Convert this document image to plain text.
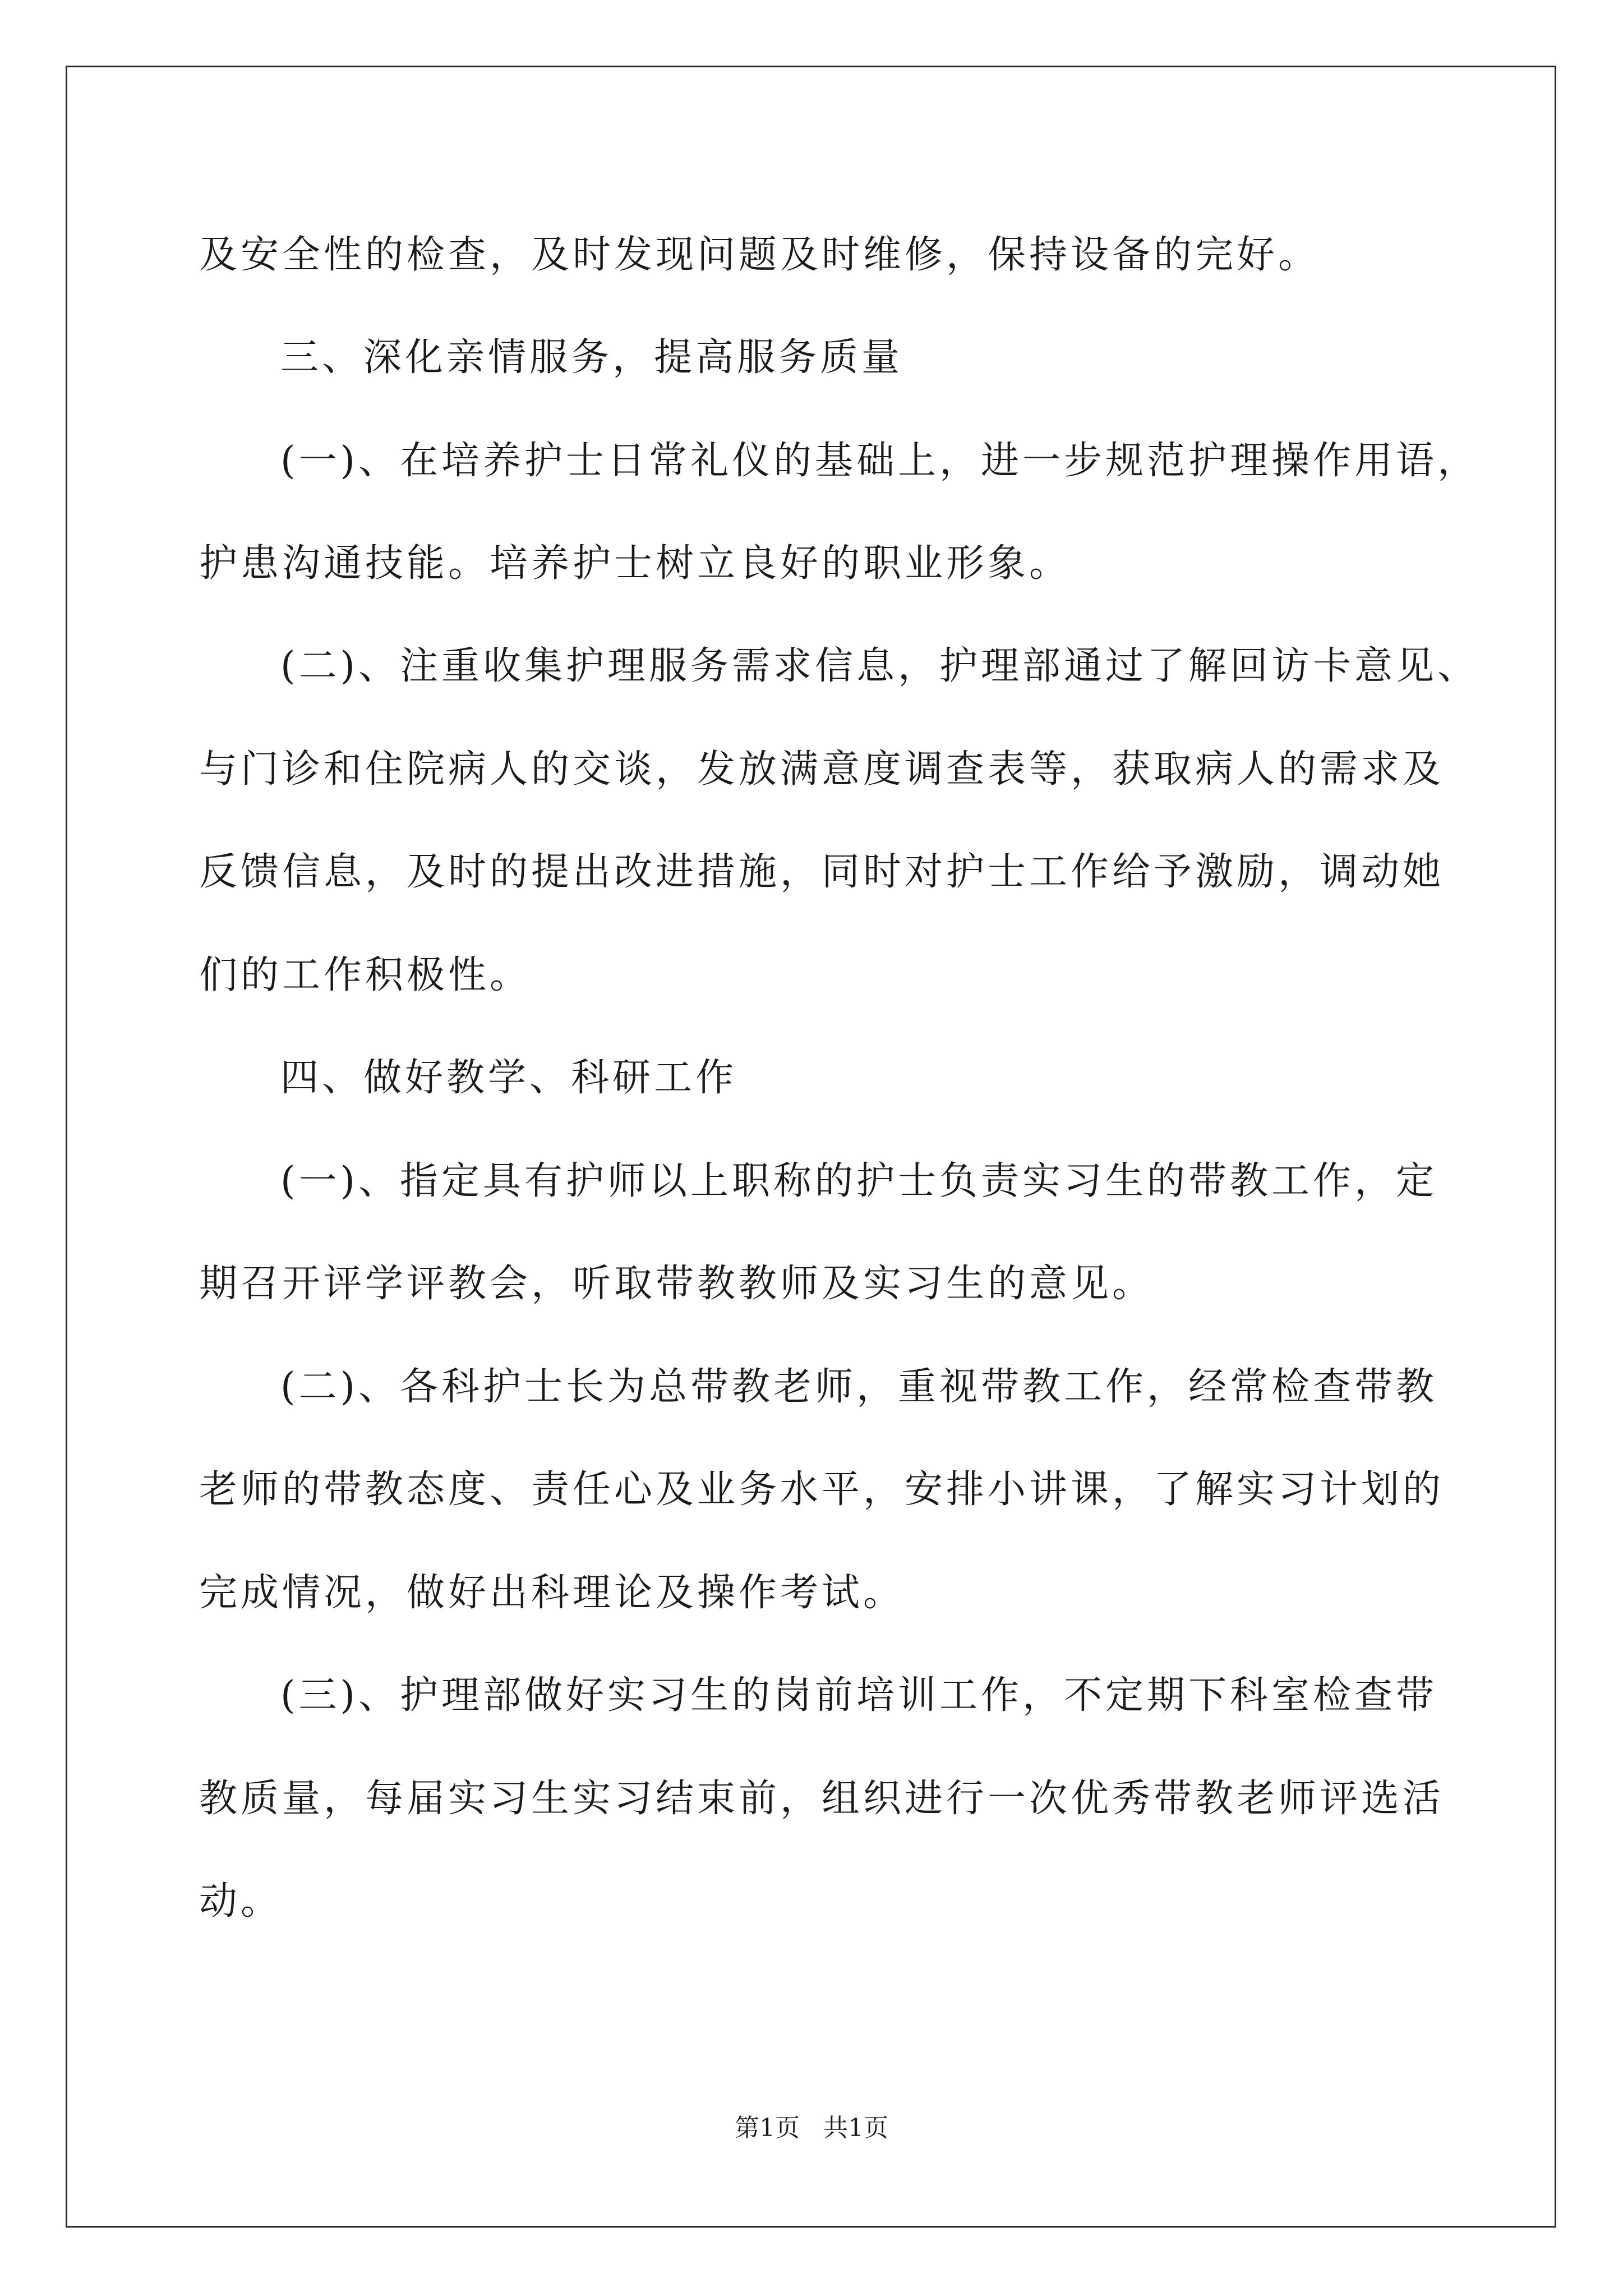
及安全性的检查，及时发现问题及时维修，保持设备的完好。

三、深化亲情服务，提高服务质量

(一)、在培养护士日常礼仪的基础上，进一步规范护理操作用语，

护患沟通技能。培养护士树立良好的职业形象。

(二)、注重收集护理服务需求信息，护理部通过了解回访卡意见、

与门诊和住院病人的交谈，发放满意度调查表等，获取病人的需求及

反馈信息，及时的提出改进措施，同时对护士工作给予激励，调动她

们的工作积极性。

四、做好教学、科研工作

(一)、指定具有护师以上职称的护士负责实习生的带教工作，定

期召开评学评教会，听取带教教师及实习生的意见。

(二)、各科护士长为总带教老师，重视带教工作，经常检查带教

老师的带教态度、责任心及业务水平，安排小讲课，了解实习计划的

完成情况，做好出科理论及操作考试。

(三)、护理部做好实习生的岗前培训工作，不定期下科室检查带

教质量，每届实习生实习结束前，组织进行一次优秀带教老师评选活

动。

第1页   共1页
